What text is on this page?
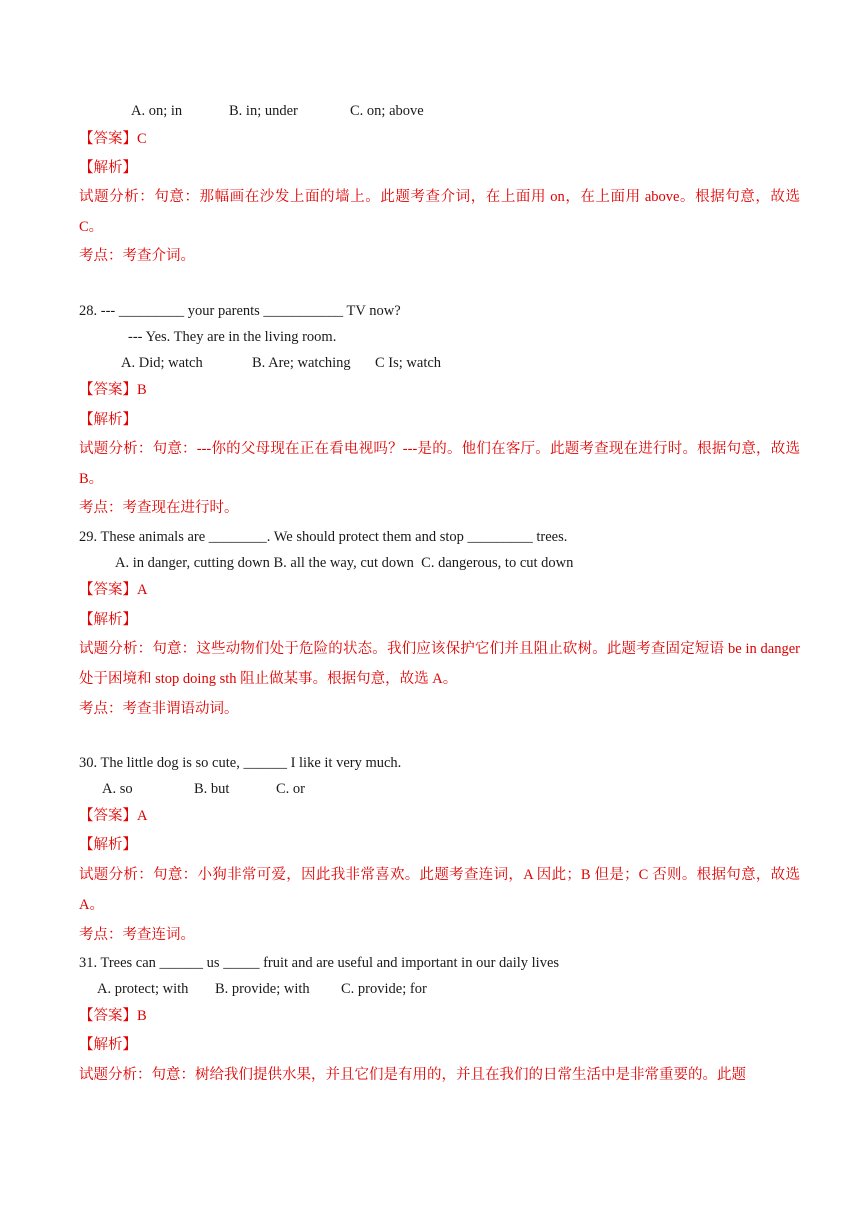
A. on; in	B. in; under	C. on; above
【答案】C
【解析】
试题分析：句意：那幅画在沙发上面的墙上。此题考查介词，在上面用 on，在上面用 above。根据句意，故选 C。
考点：考查介词。
28. --- _________ your parents ___________ TV now?
--- Yes. They are in the living room.
A. Did; watch	B. Are; watching C Is; watch
【答案】B
【解析】
试题分析：句意：---你的父母现在正在看电视吗？---是的。他们在客厅。此题考查现在进行时。根据句意，故选 B。
考点：考查现在进行时。
29. These animals are ________. We should protect them and stop _________ trees.
A. in danger, cutting down B. all the way, cut down C. dangerous, to cut down
【答案】A
【解析】
试题分析：句意：这些动物们处于危险的状态。我们应该保护它们并且阻止砍树。此题考查固定短语 be in danger 处于困境和 stop doing sth 阻止做某事。根据句意，故选 A。
考点：考查非谓语动词。
30. The little dog is so cute, ______ I like it very much.
A. so	B. but	C. or
【答案】A
【解析】
试题分析：句意：小狗非常可爱，因此我非常喜欢。此题考查连词，A 因此；B 但是；C 否则。根据句意，故选 A。
考点：考查连词。
31. Trees can ______ us _____ fruit and are useful and important in our daily lives
A. protect; with B. provide; with C. provide; for
【答案】B
【解析】
试题分析：句意：树给我们提供水果，并且它们是有用的，并且在我们的日常生活中是非常重要的。此题
